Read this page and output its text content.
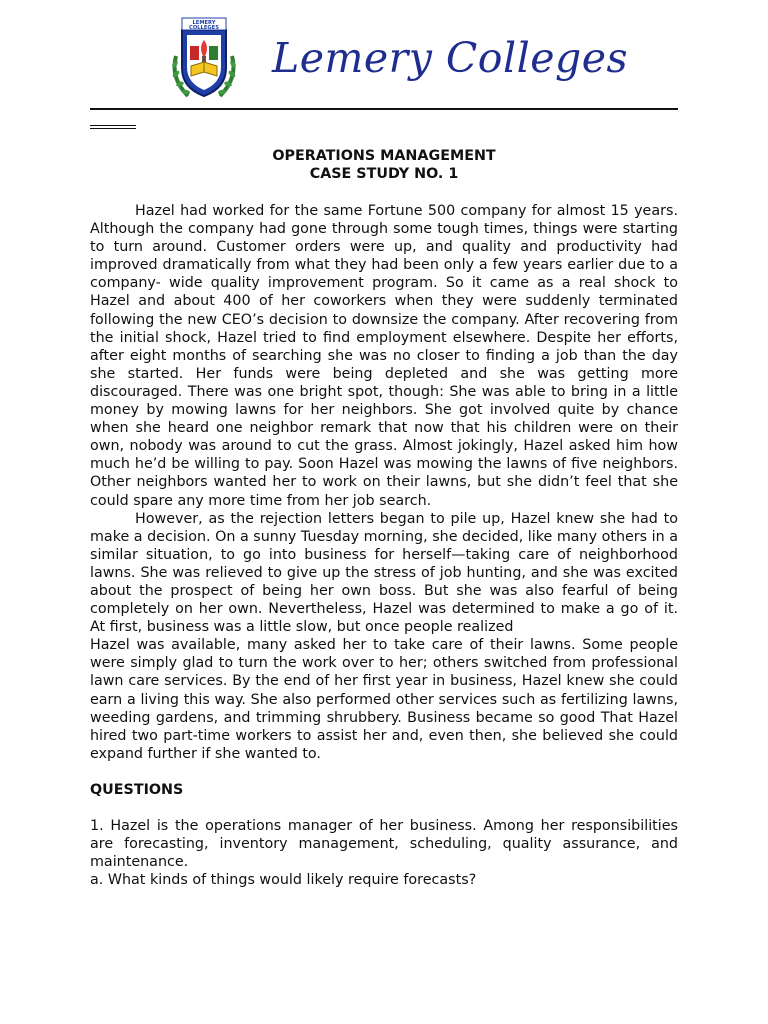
LEMERY
COLLEGES
Lemery Colleges
OPERATIONS MANAGEMENT
CASE STUDY NO. 1

Hazel had worked for the same Fortune 500 company for almost 15 years. Although the company had gone through some tough times, things were starting to turn around. Customer orders were up, and quality and productivity had improved dramatically from what they had been only a few years earlier due to a company- wide quality improvement program. So it came as a real shock to Hazel and about 400 of her coworkers when they were suddenly terminated following the new CEO’s decision to downsize the company. After recovering from the initial shock, Hazel tried to find employment elsewhere. Despite her efforts, after eight months of searching she was no closer to finding a job than the day she started. Her funds were being depleted and she was getting more discouraged. There was one bright spot, though: She was able to bring in a little money by mowing lawns for her neighbors. She got involved quite by chance when she heard one neighbor remark that now that his children were on their own, nobody was around to cut the grass. Almost jokingly, Hazel asked him how much he’d be willing to pay. Soon Hazel was mowing the lawns of five neighbors. Other neighbors wanted her to work on their lawns, but she didn’t feel that she could spare any more time from her job search.

However, as the rejection letters began to pile up, Hazel knew she had to make a decision. On a sunny Tuesday morning, she decided, like many others in a similar situation, to go into business for herself—taking care of neighborhood lawns. She was relieved to give up the stress of job hunting, and she was excited about the prospect of being her own boss. But she was also fearful of being completely on her own. Nevertheless, Hazel was determined to make a go of it. At first, business was a little slow, but once people realized

Hazel was available, many asked her to take care of their lawns. Some people were simply glad to turn the work over to her; others switched from professional lawn care services. By the end of her first year in business, Hazel knew she could earn a living this way. She also performed other services such as fertilizing lawns, weeding gardens, and trimming shrubbery. Business became so good That Hazel hired two part-time workers to assist her and, even then, she believed she could expand further if she wanted to.

QUESTIONS

1. Hazel is the operations manager of her business. Among her responsibilities are forecasting, inventory management, scheduling, quality assurance, and maintenance.

a. What kinds of things would likely require forecasts?
